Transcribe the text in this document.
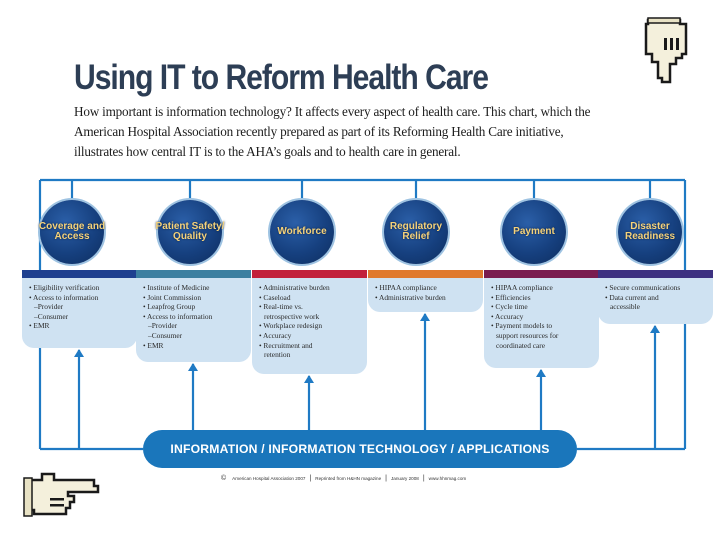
Using IT to Reform Health Care

How important is information technology? It affects every aspect of health care. This chart, which the American Hospital Association recently prepared as part of its Reforming Health Care initiative, illustrates how central IT is to the AHA’s goals and to health care in general.

Coverage and Access
• Eligibility verification
• Access to information
–Provider
–Consumer
• EMR
Patient Safety/ Quality
• Institute of Medicine
• Joint Commission
• Leapfrog Group
• Access to information
–Provider
–Consumer
• EMR
Workforce
• Administrative burden
• Caseload
• Real-time vs.
retrospective work
• Workplace redesign
• Accuracy
• Recruitment and
retention
Regulatory Relief
• HIPAA compliance
• Administrative burden
Payment
• HIPAA compliance
• Efficiencies
• Cycle time
• Accuracy
• Payment models to
support resources for
coordinated care
Disaster Readiness
• Secure communications
• Data current and
accessible
INFORMATION / INFORMATION TECHNOLOGY / APPLICATIONS
© American Hospital Association 2007 | Reprinted from H&HN magazine | January 2008 | www.hhnmag.com
